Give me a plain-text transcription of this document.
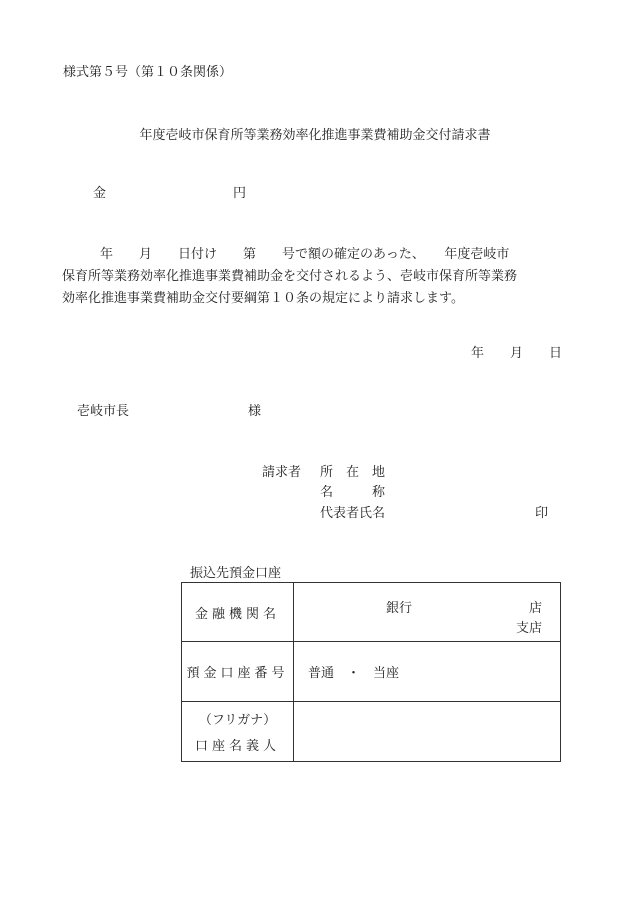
様式第５号（第１０条関係）
年度壱岐市保育所等業務効率化推進事業費補助金交付請求書
金	円
年　　月　　日付け　　第　　号で額の確定のあった、　　年度壱岐市
保育所等業務効率化推進事業費補助金を交付されるよう、壱岐市保育所等業務
効率化推進事業費補助金交付要綱第１０条の規定により請求します。
年　　月　　日
壱岐市長	様
請求者 所　在　地
名　　　称
代表者氏名	印
振込先預金口座
金融機関名	銀行 店
支店

預金口座番号	普通　・　当座

（フリガナ）
口座名義人	
